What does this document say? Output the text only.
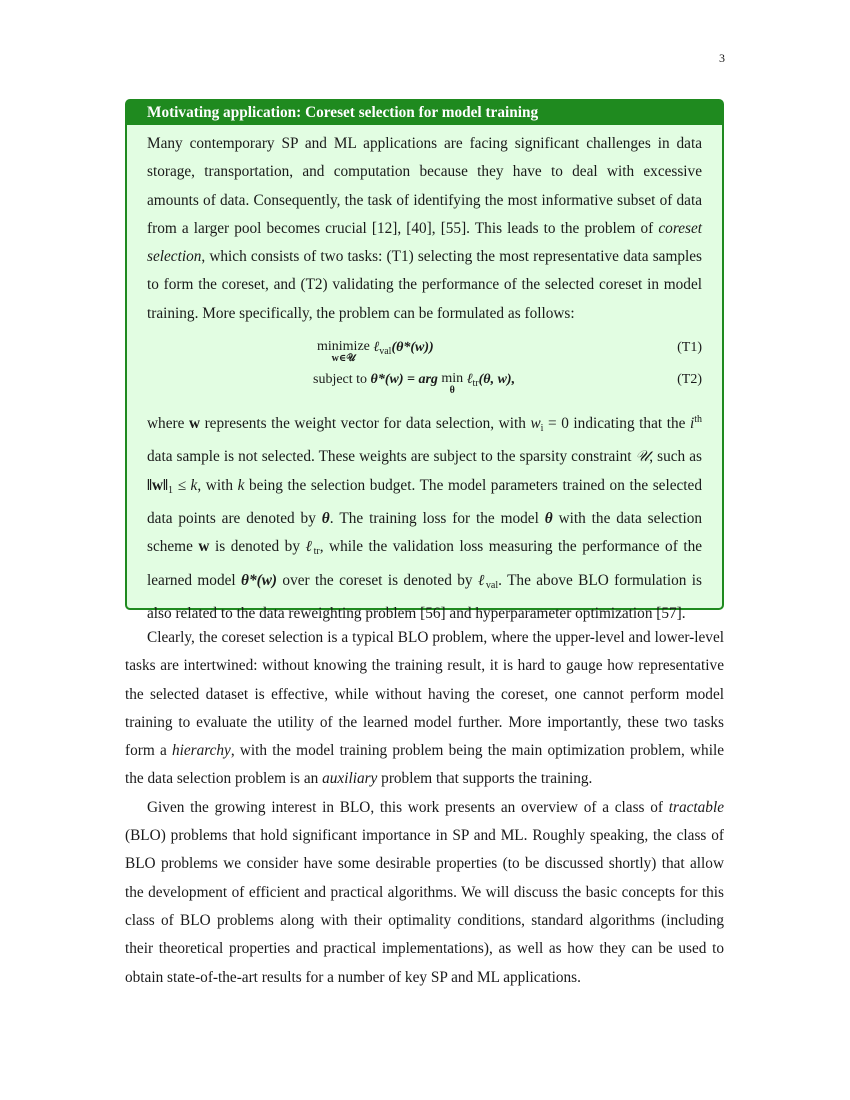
3
Motivating application: Coreset selection for model training

Many contemporary SP and ML applications are facing significant challenges in data storage, transportation, and computation because they have to deal with excessive amounts of data. Consequently, the task of identifying the most informative subset of data from a larger pool becomes crucial [12], [40], [55]. This leads to the problem of coreset selection, which consists of two tasks: (T1) selecting the most representative data samples to form the coreset, and (T2) validating the performance of the selected coreset in model training. More specifically, the problem can be formulated as follows:

minimize
w∈𝒰
ℓ$_{val}$(θ*(w))	(T1)
subject to θ*(w) = arg min
θ
ℓ$_{tr}$(θ, w),	(T2)

where w represents the weight vector for data selection, with $w_i = 0$ indicating that the $i^{th}$ data sample is not selected. These weights are subject to the sparsity constraint 𝒰, such as $‖w‖_1 \le k$, with k being the selection budget. The model parameters trained on the selected data points are denoted by θ. The training loss for the model θ with the data selection scheme w is denoted by ℓ$_{tr}$, while the validation loss measuring the performance of the learned model θ*(w) over the coreset is denoted by ℓ$_{val}$. The above BLO formulation is also related to the data reweighting problem [56] and hyperparameter optimization [57].

Clearly, the coreset selection is a typical BLO problem, where the upper-level and lower-level tasks are intertwined: without knowing the training result, it is hard to gauge how representative the selected dataset is effective, while without having the coreset, one cannot perform model training to evaluate the utility of the learned model further. More importantly, these two tasks form a hierarchy, with the model training problem being the main optimization problem, while the data selection problem is an auxiliary problem that supports the training.

Given the growing interest in BLO, this work presents an overview of a class of tractable (BLO) problems that hold significant importance in SP and ML. Roughly speaking, the class of BLO problems we consider have some desirable properties (to be discussed shortly) that allow the development of efficient and practical algorithms. We will discuss the basic concepts for this class of BLO problems along with their optimality conditions, standard algorithms (including their theoretical properties and practical implementations), as well as how they can be used to obtain state-of-the-art results for a number of key SP and ML applications.
